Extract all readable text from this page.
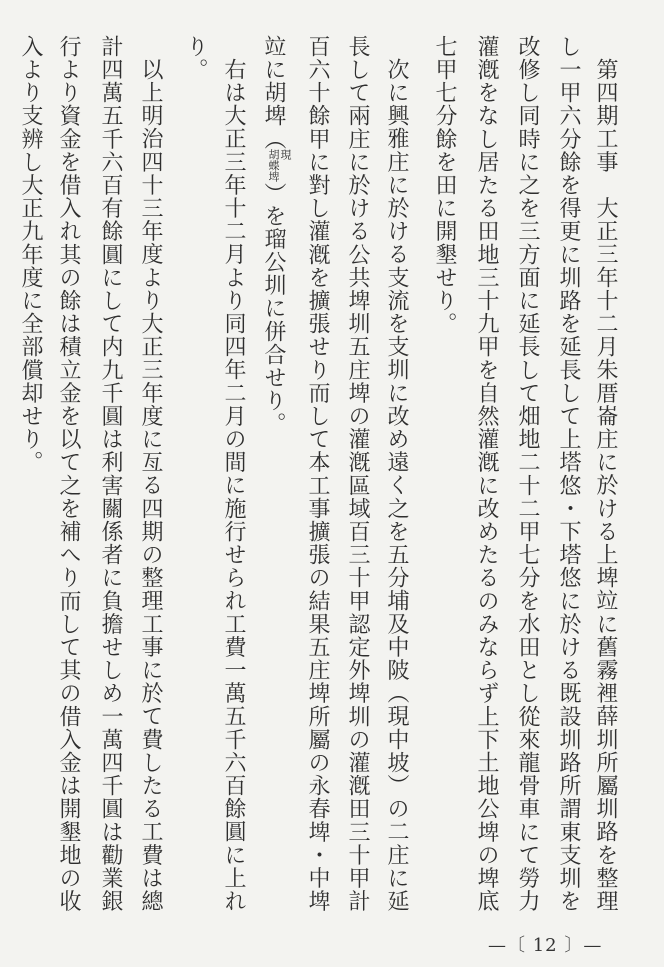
第四期工事　大正三年十二月朱厝崙庄に於ける上埤竝に舊霧裡薛圳所屬圳路を整理
し一甲六分餘を得更に圳路を延長して上塔悠・下塔悠に於ける既設圳路所謂東支圳を
改修し同時に之を三方面に延長して畑地二十二甲七分を水田とし從來龍骨車にて勞力
灌漑をなし居たる田地三十九甲を自然灌漑に改めたるのみならず上下土地公埤の埤底
七甲七分餘を田に開墾せり。
次に興雅庄に於ける支流を支圳に改め遠く之を五分埔及中陂（現中坡）の二庄に延
長して兩庄に於ける公共埤圳五庄埤の灌漑區域百三十甲認定外埤圳の灌漑田三十甲計
百六十餘甲に對し灌漑を擴張せり而して本工事擴張の結果五庄埤所屬の永春埤・中埤
竝に胡埤（
現
胡蝶埤
）を瑠公圳に併合せり。
右は大正三年十二月より同四年二月の間に施行せられ工費一萬五千六百餘圓に上れ
り。
以上明治四十三年度より大正三年度に亙る四期の整理工事に於て費したる工費は總
計四萬五千六百有餘圓にして内九千圓は利害關係者に負擔せしめ一萬四千圓は勸業銀
行より資金を借入れ其の餘は積立金を以て之を補へり而して其の借入金は開墾地の收
入より支辨し大正九年度に全部償却せり。
—〔 12 〕—
